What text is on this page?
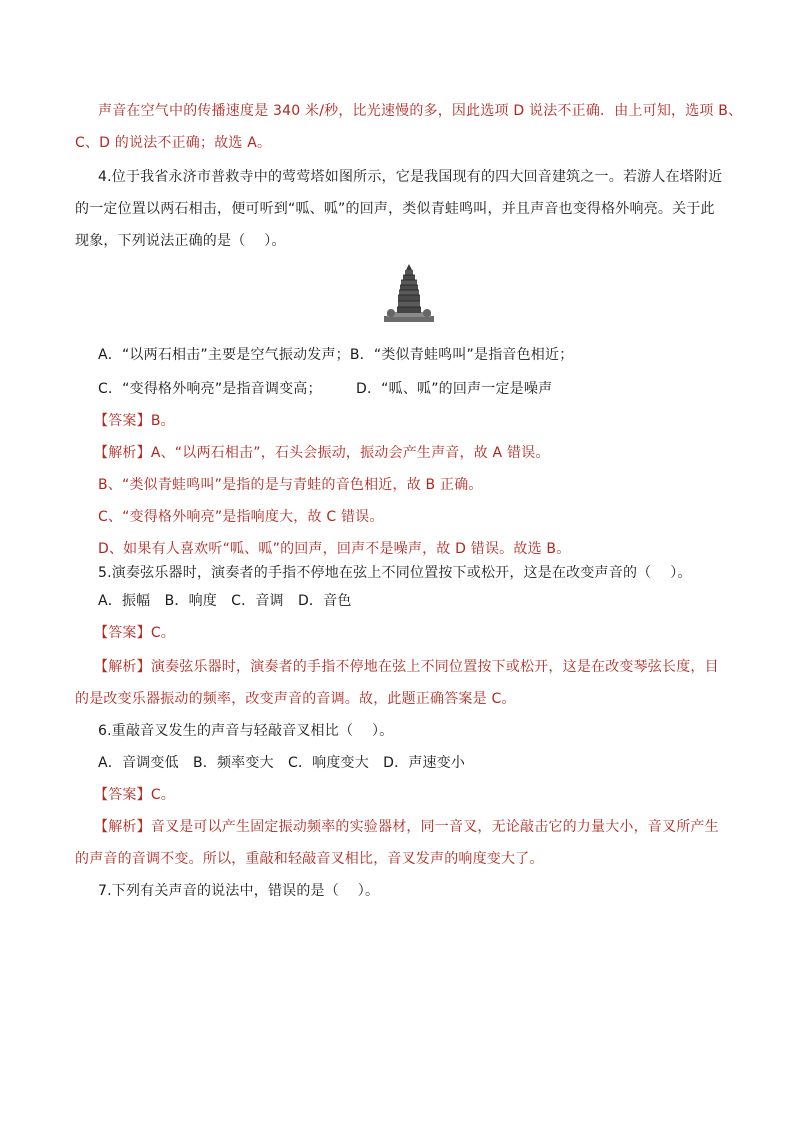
声音在空气中的传播速度是 340 米/秒，比光速慢的多，因此选项 D 说法不正确．由上可知，选项 B、
C、D 的说法不正确；故选 A。
4.位于我省永济市普救寺中的莺莺塔如图所示，它是我国现有的四大回音建筑之一。若游人在塔附近
的一定位置以两石相击，便可听到“呱、呱”的回声，类似青蛙鸣叫，并且声音也变得格外响亮。关于此
现象，下列说法正确的是（　 ）。
A．“以两石相击”主要是空气振动发声；B．“类似青蛙鸣叫”是指音色相近；
C．“变得格外响亮”是指音调变高； D．“呱、呱”的回声一定是噪声
【答案】B。
【解析】A、“以两石相击”，石头会振动，振动会产生声音，故 A 错误。
B、“类似青蛙鸣叫”是指的是与青蛙的音色相近，故 B 正确。
C、“变得格外响亮”是指响度大，故 C 错误。
D、如果有人喜欢听“呱、呱”的回声，回声不是噪声，故 D 错误。故选 B。
5.演奏弦乐器时，演奏者的手指不停地在弦上不同位置按下或松开，这是在改变声音的（　 ）。
A．振幅　B．响度　C．音调　D．音色
【答案】C。
【解析】演奏弦乐器时，演奏者的手指不停地在弦上不同位置按下或松开，这是在改变琴弦长度，目
的是改变乐器振动的频率，改变声音的音调。故，此题正确答案是 C。
6.重敲音叉发生的声音与轻敲音叉相比（　 ）。
A．音调变低　B．频率变大　C．响度变大　D．声速变小
【答案】C。
【解析】音叉是可以产生固定振动频率的实验器材，同一音叉，无论敲击它的力量大小，音叉所产生
的声音的音调不变。所以，重敲和轻敲音叉相比，音叉发声的响度变大了。
7.下列有关声音的说法中，错误的是（　 ）。
